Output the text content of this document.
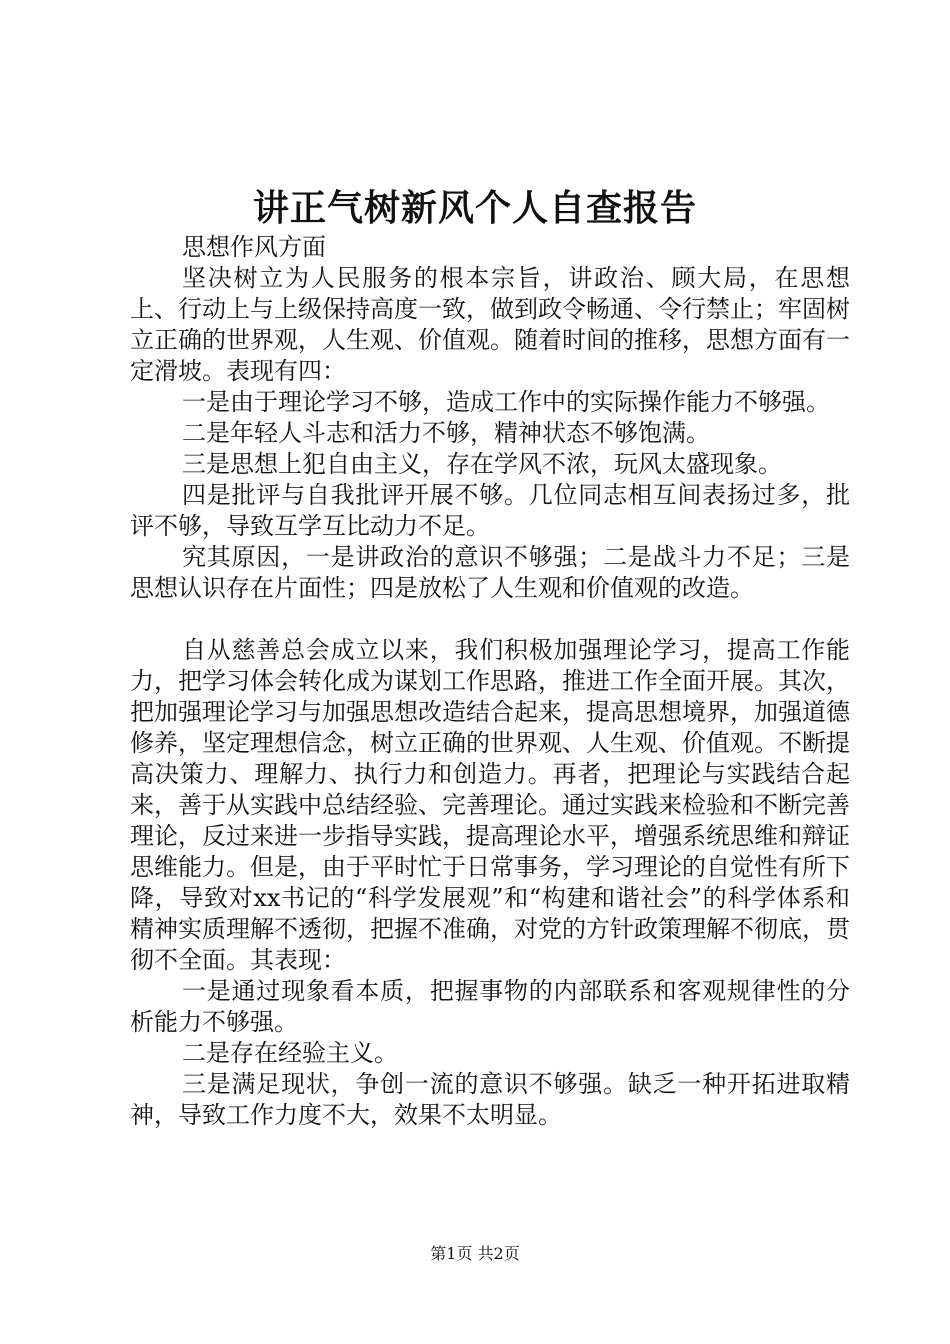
讲正气树新风个人自查报告

思想作风方面

坚决树立为人民服务的根本宗旨，讲政治、顾大局，在思想上、行动上与上级保持高度一致，做到政令畅通、令行禁止；牢固树立正确的世界观，人生观、价值观。随着时间的推移，思想方面有一定滑坡。表现有四：

一是由于理论学习不够，造成工作中的实际操作能力不够强。

二是年轻人斗志和活力不够，精神状态不够饱满。

三是思想上犯自由主义，存在学风不浓，玩风太盛现象。

四是批评与自我批评开展不够。几位同志相互间表扬过多，批评不够，导致互学互比动力不足。

究其原因，一是讲政治的意识不够强；二是战斗力不足；三是思想认识存在片面性；四是放松了人生观和价值观的改造。

自从慈善总会成立以来，我们积极加强理论学习，提高工作能力，把学习体会转化成为谋划工作思路，推进工作全面开展。其次，把加强理论学习与加强思想改造结合起来，提高思想境界，加强道德修养，坚定理想信念，树立正确的世界观、人生观、价值观。不断提高决策力、理解力、执行力和创造力。再者，把理论与实践结合起来，善于从实践中总结经验、完善理论。通过实践来检验和不断完善理论，反过来进一步指导实践，提高理论水平，增强系统思维和辩证思维能力。但是，由于平时忙于日常事务，学习理论的自觉性有所下降，导致对xx书记的“科学发展观”和“构建和谐社会”的科学体系和精神实质理解不透彻，把握不准确，对党的方针政策理解不彻底，贯彻不全面。其表现：

一是通过现象看本质，把握事物的内部联系和客观规律性的分析能力不够强。

二是存在经验主义。

三是满足现状，争创一流的意识不够强。缺乏一种开拓进取精神，导致工作力度不大，效果不太明显。

第1页 共2页
